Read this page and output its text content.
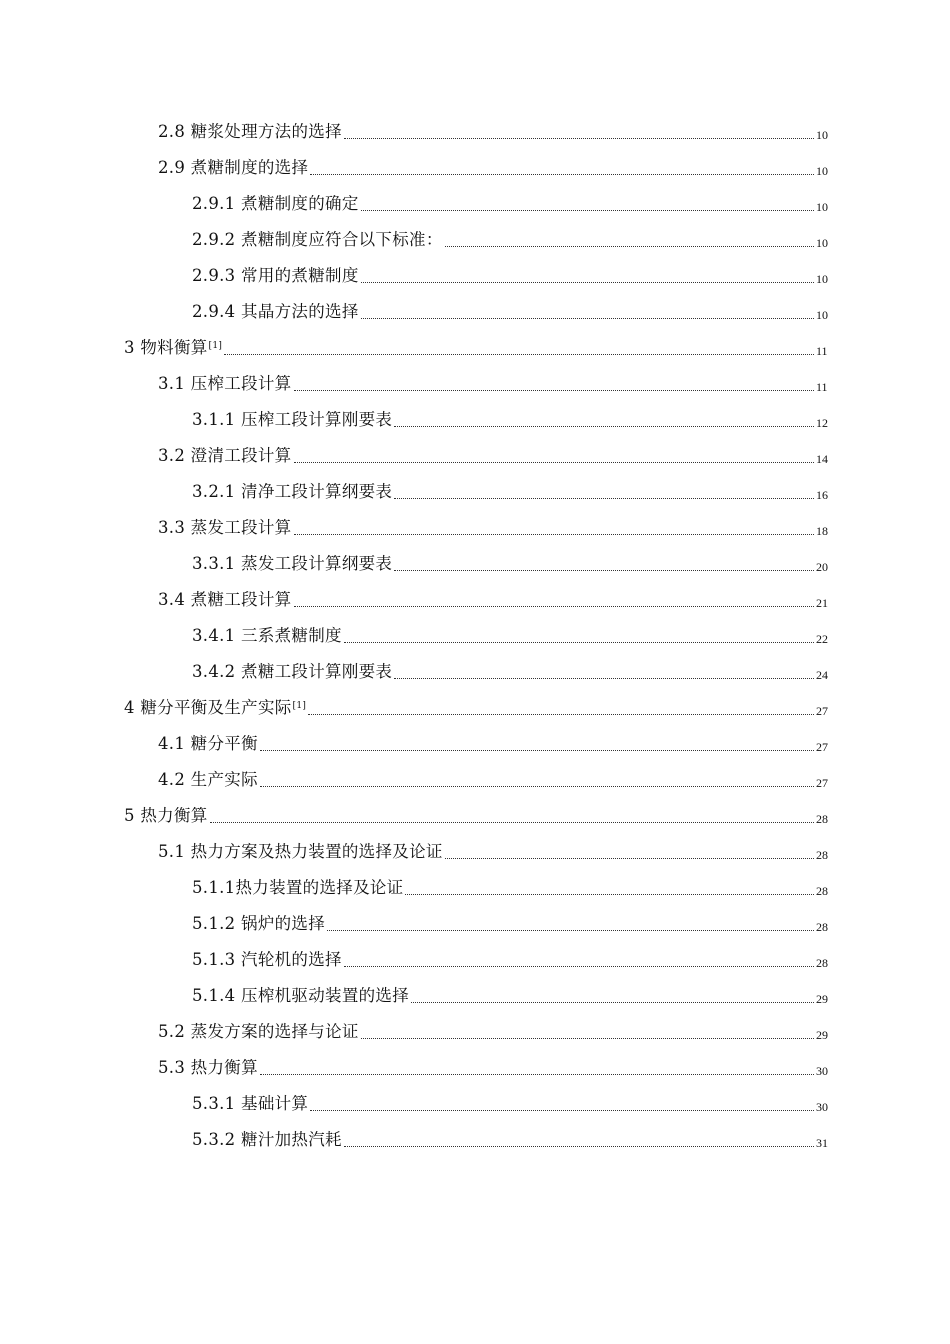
2.8 糖浆处理方法的选择	10
2.9 煮糖制度的选择	10
2.9.1 煮糖制度的确定	10
2.9.2 煮糖制度应符合以下标准：	10
2.9.3 常用的煮糖制度	10
2.9.4 其晶方法的选择	10
3 物料衡算[1]	11
3.1 压榨工段计算	11
3.1.1 压榨工段计算刚要表	12
3.2 澄清工段计算	14
3.2.1 清净工段计算纲要表	16
3.3 蒸发工段计算	18
3.3.1 蒸发工段计算纲要表	20
3.4 煮糖工段计算	21
3.4.1 三系煮糖制度	22
3.4.2 煮糖工段计算刚要表	24
4 糖分平衡及生产实际[1]	27
4.1 糖分平衡	27
4.2 生产实际	27
5 热力衡算	28
5.1 热力方案及热力装置的选择及论证	28
5.1.1热力装置的选择及论证	28
5.1.2 锅炉的选择	28
5.1.3 汽轮机的选择	28
5.1.4 压榨机驱动装置的选择	29
5.2 蒸发方案的选择与论证	29
5.3 热力衡算	30
5.3.1 基础计算	30
5.3.2 糖汁加热汽耗	31
